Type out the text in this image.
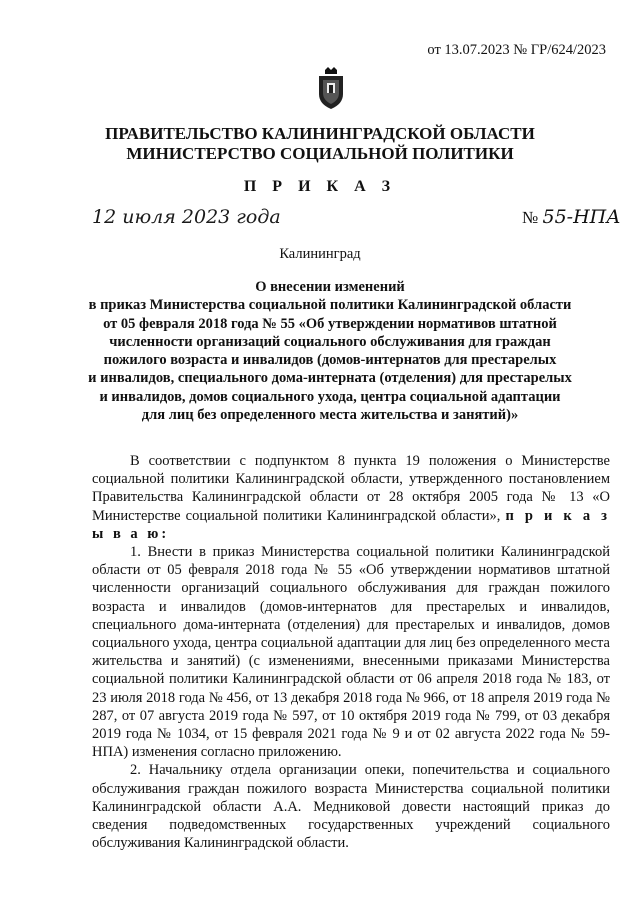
от 13.07.2023 № ГР/624/2023
ПРАВИТЕЛЬСТВО КАЛИНИНГРАДСКОЙ ОБЛАСТИ
МИНИСТЕРСТВО СОЦИАЛЬНОЙ ПОЛИТИКИ
П Р И К А З
12 июля 2023 года	№ 55-НПА
Калининград
О внесении изменений
в приказ Министерства социальной политики Калининградской области
от 05 февраля 2018 года № 55 «Об утверждении нормативов штатной
численности организаций социального обслуживания для граждан
пожилого возраста и инвалидов (домов-интернатов для престарелых
и инвалидов, специального дома-интерната (отделения) для престарелых
и инвалидов, домов социального ухода, центра социальной адаптации
для лиц без определенного места жительства и занятий)»

В соответствии с подпунктом 8 пункта 19 положения о Министерстве социальной политики Калининградской области, утвержденного постановлением Правительства Калининградской области от 28 октября 2005 года № 13 «О Министерстве социальной политики Калининградской области», п р и к а з ы в а ю:

1. Внести в приказ Министерства социальной политики Калининградской области от 05 февраля 2018 года № 55 «Об утверждении нормативов штатной численности организаций социального обслуживания для граждан пожилого возраста и инвалидов (домов-интернатов для престарелых и инвалидов, специального дома-интерната (отделения) для престарелых и инвалидов, домов социального ухода, центра социальной адаптации для лиц без определенного места жительства и занятий) (с изменениями, внесенными приказами Министерства социальной политики Калининградской области от 06 апреля 2018 года № 183, от 23 июля 2018 года № 456, от 13 декабря 2018 года № 966, от 18 апреля 2019 года № 287, от 07 августа 2019 года № 597, от 10 октября 2019 года № 799, от 03 декабря 2019 года № 1034, от 15 февраля 2021 года № 9 и от 02 августа 2022 года № 59-НПА) изменения согласно приложению.

2. Начальнику отдела организации опеки, попечительства и социального обслуживания граждан пожилого возраста Министерства социальной политики Калининградской области А.А. Медниковой довести настоящий приказ до сведения подведомственных государственных учреждений социального обслуживания Калининградской области.
